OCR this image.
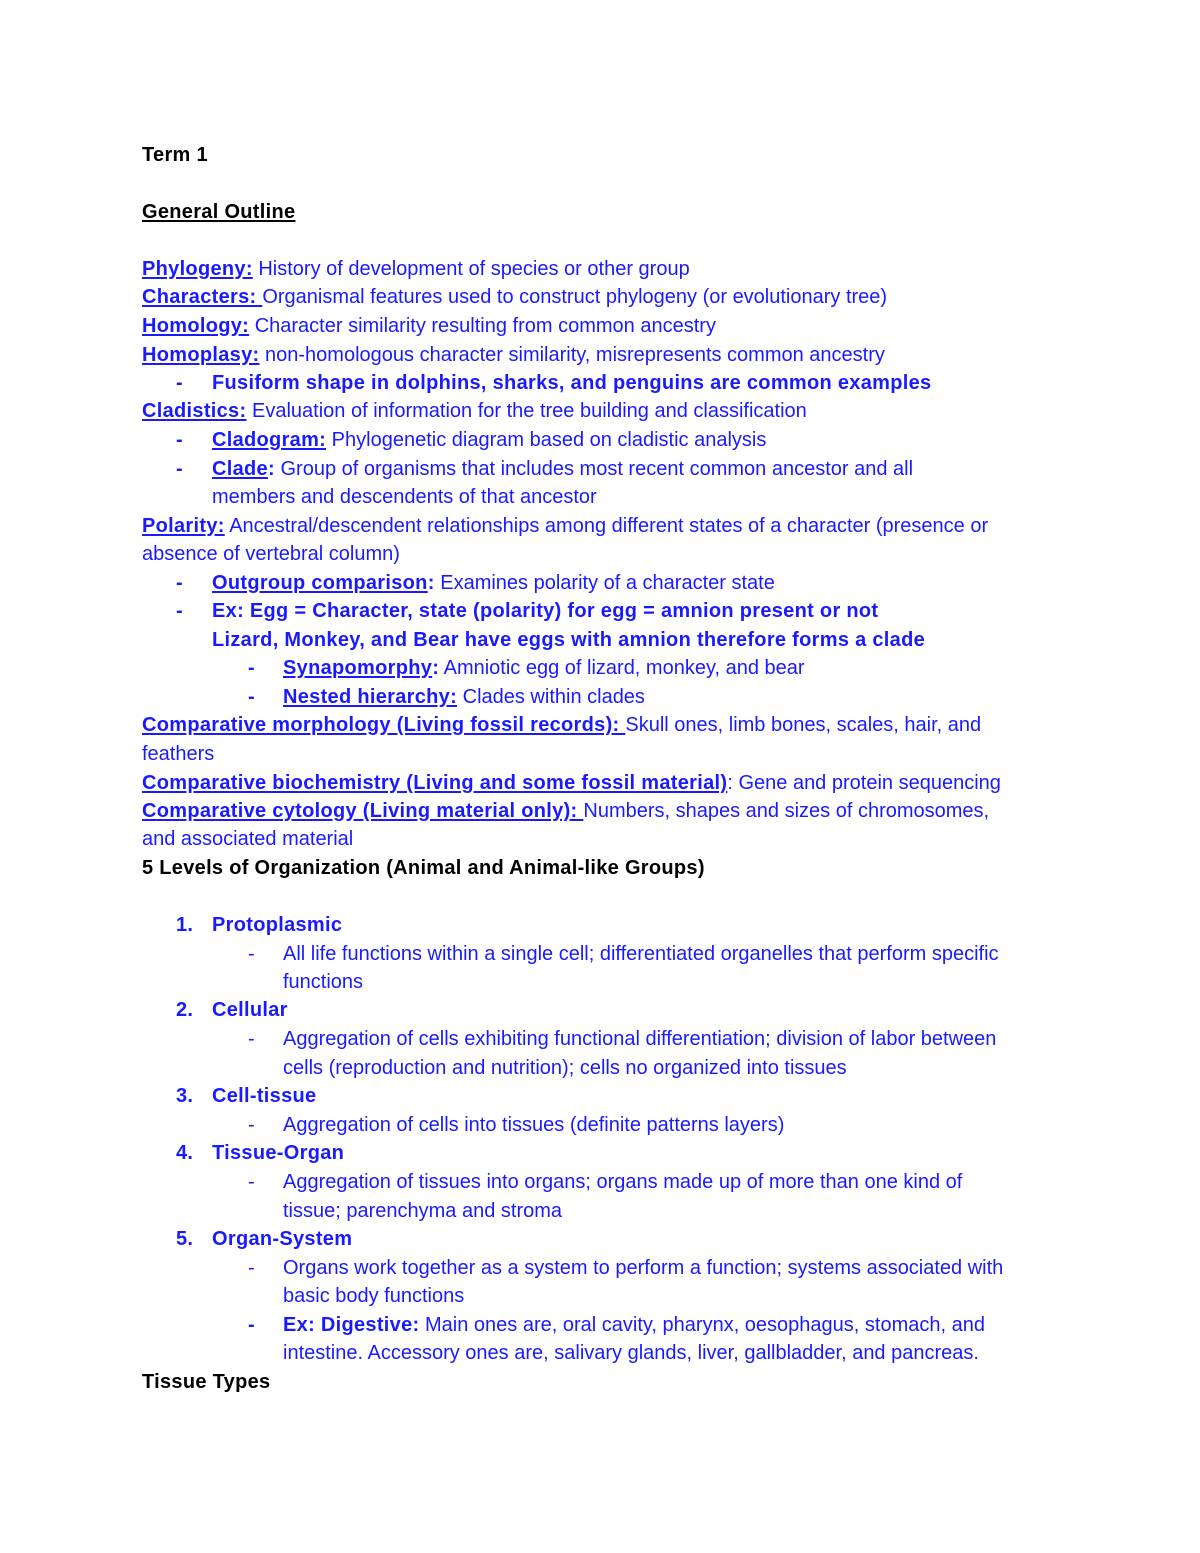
Term 1
General Outline
Phylogeny: History of development of species or other group
Characters: Organismal features used to construct phylogeny (or evolutionary tree)
Homology: Character similarity resulting from common ancestry
Homoplasy: non-homologous character similarity, misrepresents common ancestry
- Fusiform shape in dolphins, sharks, and penguins are common examples
Cladistics: Evaluation of information for the tree building and classification
- Cladogram: Phylogenetic diagram based on cladistic analysis
- Clade: Group of organisms that includes most recent common ancestor and all
members and descendents of that ancestor
Polarity: Ancestral/descendent relationships among different states of a character (presence or
absence of vertebral column)
- Outgroup comparison: Examines polarity of a character state
- Ex: Egg = Character, state (polarity) for egg = amnion present or not
Lizard, Monkey, and Bear have eggs with amnion therefore forms a clade
- Synapomorphy: Amniotic egg of lizard, monkey, and bear
- Nested hierarchy: Clades within clades
Comparative morphology (Living fossil records): Skull ones, limb bones, scales, hair, and
feathers
Comparative biochemistry (Living and some fossil material): Gene and protein sequencing
Comparative cytology (Living material only): Numbers, shapes and sizes of chromosomes,
and associated material
5 Levels of Organization (Animal and Animal-like Groups)
1. Protoplasmic
- All life functions within a single cell; differentiated organelles that perform specific
functions
2. Cellular
- Aggregation of cells exhibiting functional differentiation; division of labor between
cells (reproduction and nutrition); cells no organized into tissues
3. Cell-tissue
- Aggregation of cells into tissues (definite patterns layers)
4. Tissue-Organ
- Aggregation of tissues into organs; organs made up of more than one kind of
tissue; parenchyma and stroma
5. Organ-System
- Organs work together as a system to perform a function; systems associated with
basic body functions
- Ex: Digestive: Main ones are, oral cavity, pharynx, oesophagus, stomach, and
intestine. Accessory ones are, salivary glands, liver, gallbladder, and pancreas.
Tissue Types
